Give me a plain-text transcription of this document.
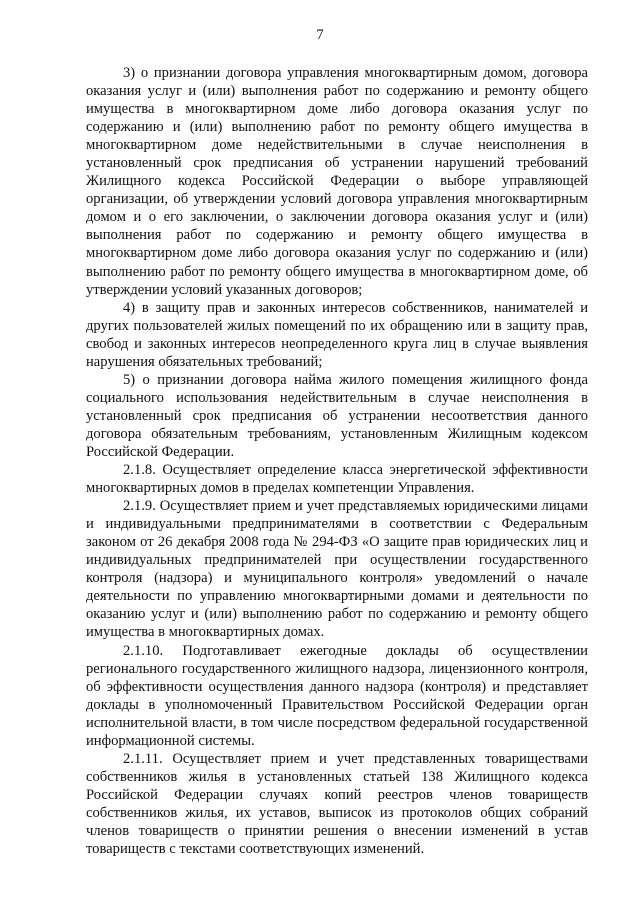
7

3) о признании договора управления многоквартирным домом, договора оказания услуг и (или) выполнения работ по содержанию и ремонту общего имущества в многоквартирном доме либо договора оказания услуг по содержанию и (или) выполнению работ по ремонту общего имущества в многоквартирном доме недействительными в случае неисполнения в установленный срок предписания об устранении нарушений требований Жилищного кодекса Российской Федерации о выборе управляющей организации, об утверждении условий договора управления многоквартирным домом и о его заключении, о заключении договора оказания услуг и (или) выполнения работ по содержанию и ремонту общего имущества в многоквартирном доме либо договора оказания услуг по содержанию и (или) выполнению работ по ремонту общего имущества в многоквартирном доме, об утверждении условий указанных договоров;

4) в защиту прав и законных интересов собственников, нанимателей и других пользователей жилых помещений по их обращению или в защиту прав, свобод и законных интересов неопределенного круга лиц в случае выявления нарушения обязательных требований;

5) о признании договора найма жилого помещения жилищного фонда социального использования недействительным в случае неисполнения в установленный срок предписания об устранении несоответствия данного договора обязательным требованиям, установленным Жилищным кодексом Российской Федерации.

2.1.8. Осуществляет определение класса энергетической эффективности многоквартирных домов в пределах компетенции Управления.

2.1.9. Осуществляет прием и учет представляемых юридическими лицами и индивидуальными предпринимателями в соответствии с Федеральным законом от 26 декабря 2008 года № 294-ФЗ «О защите прав юридических лиц и индивидуальных предпринимателей при осуществлении государственного контроля (надзора) и муниципального контроля» уведомлений о начале деятельности по управлению многоквартирными домами и деятельности по оказанию услуг и (или) выполнению работ по содержанию и ремонту общего имущества в многоквартирных домах.

2.1.10. Подготавливает ежегодные доклады об осуществлении регионального государственного жилищного надзора, лицензионного контроля, об эффективности осуществления данного надзора (контроля) и представляет доклады в уполномоченный Правительством Российской Федерации орган исполнительной власти, в том числе посредством федеральной государственной информационной системы.

2.1.11. Осуществляет прием и учет представленных товариществами собственников жилья в установленных статьей 138 Жилищного кодекса Российской Федерации случаях копий реестров членов товариществ собственников жилья, их уставов, выписок из протоколов общих собраний членов товариществ о принятии решения о внесении изменений в устав товариществ с текстами соответствующих изменений.
